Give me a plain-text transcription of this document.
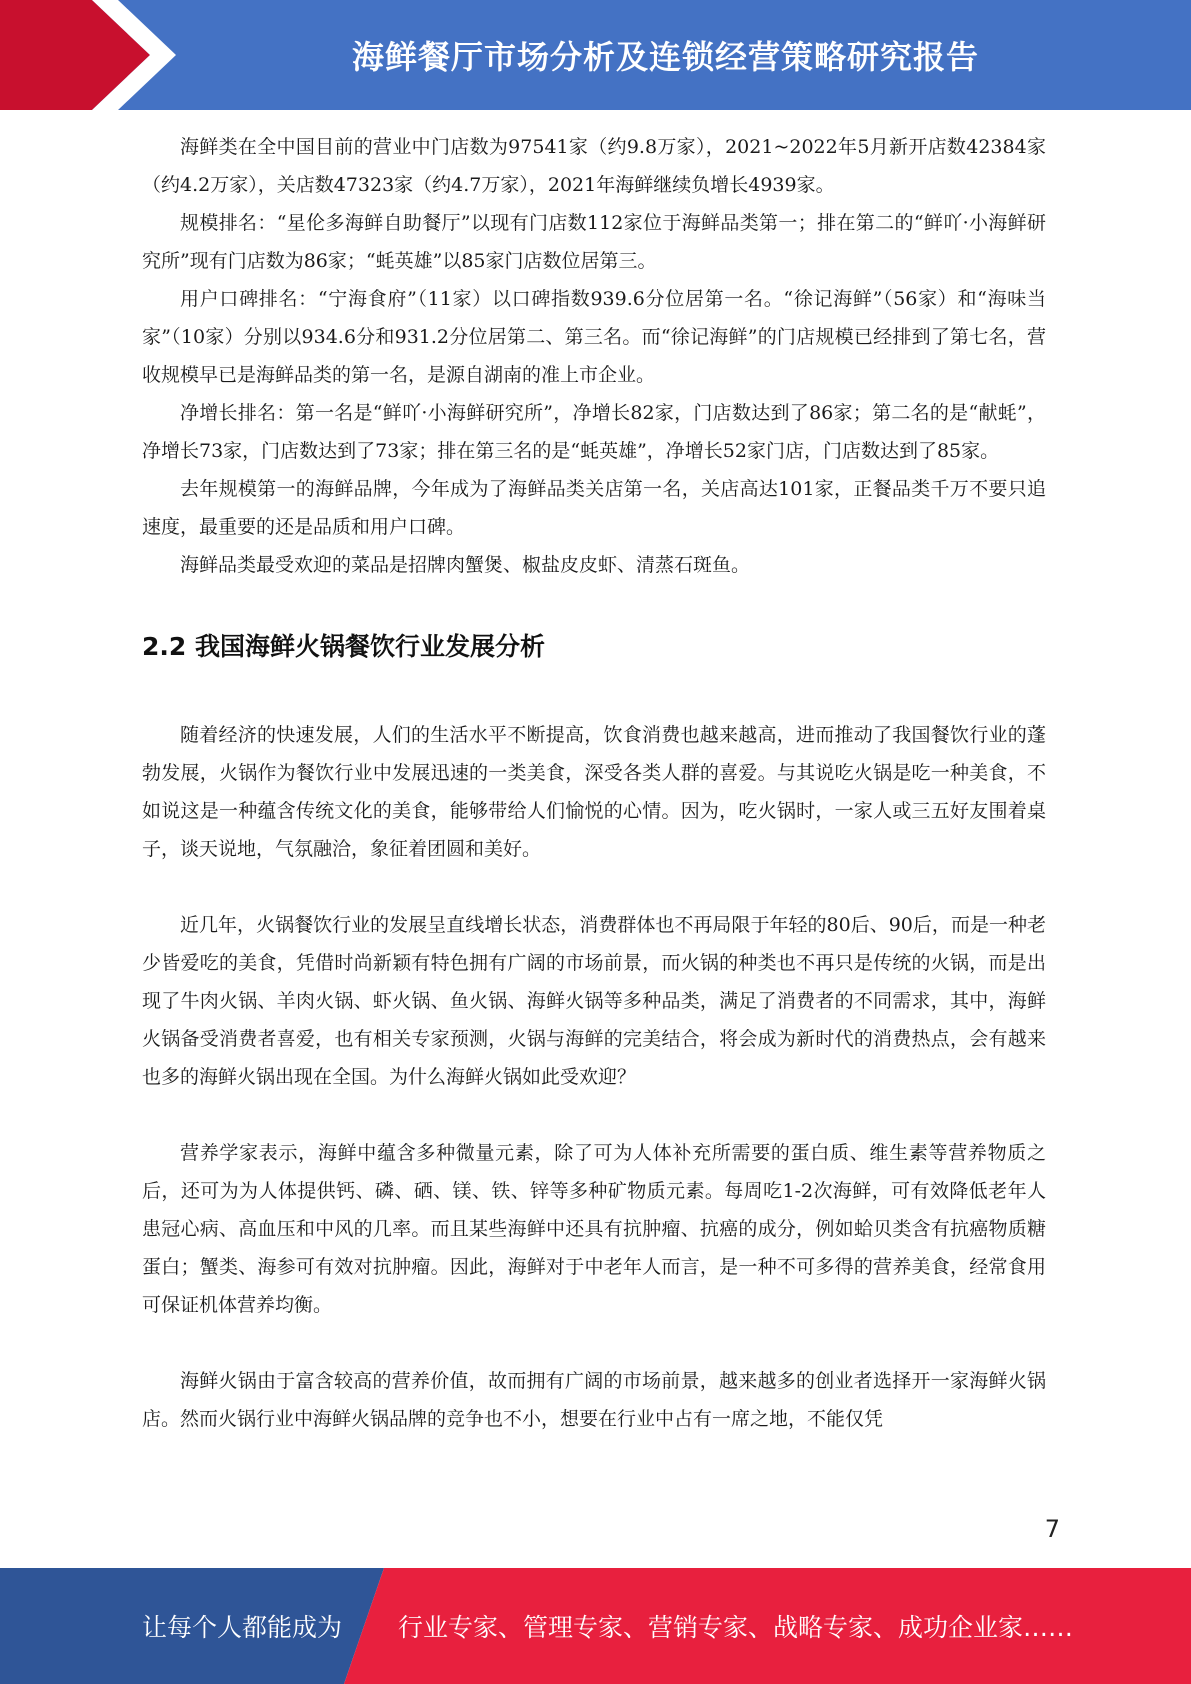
海鲜餐厅市场分析及连锁经营策略研究报告

海鲜类在全中国目前的营业中门店数为97541家（约9.8万家），2021~2022年5月新开店数42384家（约4.2万家），关店数47323家（约4.7万家），2021年海鲜继续负增长4939家。

规模排名：“星伦多海鲜自助餐厅”以现有门店数112家位于海鲜品类第一；排在第二的“鲜吖·小海鲜研究所”现有门店数为86家；“蚝英雄”以85家门店数位居第三。

用户口碑排名：“宁海食府”（11家）以口碑指数939.6分位居第一名。“徐记海鲜”（56家）和“海味当家”（10家）分别以934.6分和931.2分位居第二、第三名。而“徐记海鲜”的门店规模已经排到了第七名，营收规模早已是海鲜品类的第一名，是源自湖南的准上市企业。

净增长排名：第一名是“鲜吖·小海鲜研究所”，净增长82家，门店数达到了86家；第二名的是“献蚝”，净增长73家，门店数达到了73家；排在第三名的是“蚝英雄”，净增长52家门店，门店数达到了85家。

去年规模第一的海鲜品牌，今年成为了海鲜品类关店第一名，关店高达101家，正餐品类千万不要只追速度，最重要的还是品质和用户口碑。

海鲜品类最受欢迎的菜品是招牌肉蟹煲、椒盐皮皮虾、清蒸石斑鱼。

2.2 我国海鲜火锅餐饮行业发展分析

随着经济的快速发展，人们的生活水平不断提高，饮食消费也越来越高，进而推动了我国餐饮行业的蓬勃发展，火锅作为餐饮行业中发展迅速的一类美食，深受各类人群的喜爱。与其说吃火锅是吃一种美食，不如说这是一种蕴含传统文化的美食，能够带给人们愉悦的心情。因为，吃火锅时，一家人或三五好友围着桌子，谈天说地，气氛融洽，象征着团圆和美好。

近几年，火锅餐饮行业的发展呈直线增长状态，消费群体也不再局限于年轻的80后、90后，而是一种老少皆爱吃的美食，凭借时尚新颖有特色拥有广阔的市场前景，而火锅的种类也不再只是传统的火锅，而是出现了牛肉火锅、羊肉火锅、虾火锅、鱼火锅、海鲜火锅等多种品类，满足了消费者的不同需求，其中，海鲜火锅备受消费者喜爱，也有相关专家预测，火锅与海鲜的完美结合，将会成为新时代的消费热点，会有越来也多的海鲜火锅出现在全国。为什么海鲜火锅如此受欢迎？

营养学家表示，海鲜中蕴含多种微量元素，除了可为人体补充所需要的蛋白质、维生素等营养物质之后，还可为为人体提供钙、磷、硒、镁、铁、锌等多种矿物质元素。每周吃1-2次海鲜，可有效降低老年人患冠心病、高血压和中风的几率。而且某些海鲜中还具有抗肿瘤、抗癌的成分，例如蛤贝类含有抗癌物质糖蛋白；蟹类、海参可有效对抗肿瘤。因此，海鲜对于中老年人而言，是一种不可多得的营养美食，经常食用可保证机体营养均衡。

海鲜火锅由于富含较高的营养价值，故而拥有广阔的市场前景，越来越多的创业者选择开一家海鲜火锅店。然而火锅行业中海鲜火锅品牌的竞争也不小，想要在行业中占有一席之地，不能仅凭

7
让每个人都能成为 行业专家、管理专家、营销专家、战略专家、成功企业家……
